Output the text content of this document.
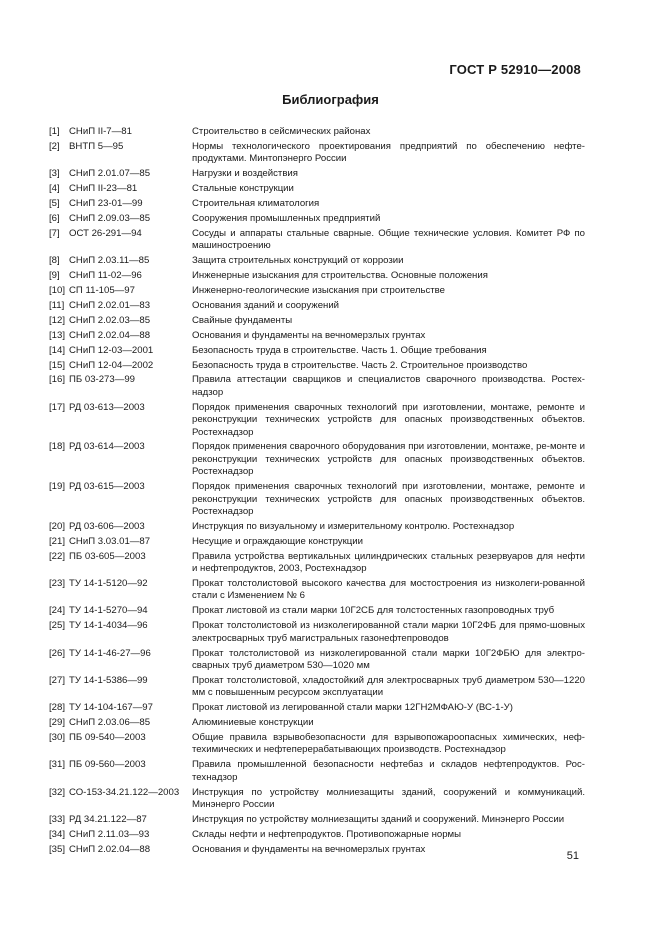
ГОСТ Р 52910—2008
Библиография
[1] СНиП II-7—81	Строительство в сейсмических районах
[2] ВНТП 5—95	Нормы технологического проектирования предприятий по обеспечению нефте-продуктами. Минтопэнерго России
[3] СНиП 2.01.07—85	Нагрузки и воздействия
[4] СНиП II-23—81	Стальные конструкции
[5] СНиП 23-01—99	Строительная климатология
[6] СНиП 2.09.03—85	Сооружения промышленных предприятий
[7] ОСТ 26-291—94	Сосуды и аппараты стальные сварные. Общие технические условия. Комитет РФ по машиностроению
[8] СНиП 2.03.11—85	Защита строительных конструкций от коррозии
[9] СНиП 11-02—96	Инженерные изыскания для строительства. Основные положения
[10] СП 11-105—97	Инженерно-геологические изыскания при строительстве
[11] СНиП 2.02.01—83	Основания зданий и сооружений
[12] СНиП 2.02.03—85	Свайные фундаменты
[13] СНиП 2.02.04—88	Основания и фундаменты на вечномерзлых грунтах
[14] СНиП 12-03—2001	Безопасность труда в строительстве. Часть 1. Общие требования
[15] СНиП 12-04—2002	Безопасность труда в строительстве. Часть 2. Строительное производство
[16] ПБ 03-273—99	Правила аттестации сварщиков и специалистов сварочного производства. Ростех-надзор
[17] РД 03-613—2003	Порядок применения сварочных технологий при изготовлении, монтаже, ремонте и реконструкции технических устройств для опасных производственных объектов. Ростехнадзор
[18] РД 03-614—2003	Порядок применения сварочного оборудования при изготовлении, монтаже, ре-монте и реконструкции технических устройств для опасных производственных объектов. Ростехнадзор
[19] РД 03-615—2003	Порядок применения сварочных технологий при изготовлении, монтаже, ремонте и реконструкции технических устройств для опасных производственных объектов. Ростехнадзор
[20] РД 03-606—2003	Инструкция по визуальному и измерительному контролю. Ростехнадзор
[21] СНиП 3.03.01—87	Несущие и ограждающие конструкции
[22] ПБ 03-605—2003	Правила устройства вертикальных цилиндрических стальных резервуаров для нефти и нефтепродуктов, 2003, Ростехнадзор
[23] ТУ 14-1-5120—92	Прокат толстолистовой высокого качества для мостостроения из низколеги-рованной стали с Изменением № 6
[24] ТУ 14-1-5270—94	Прокат листовой из стали марки 10Г2СБ для толстостенных газопроводных труб
[25] ТУ 14-1-4034—96	Прокат толстолистовой из низколегированной стали марки 10Г2ФБ для прямо-шовных электросварных труб магистральных газонефтепроводов
[26] ТУ 14-1-46-27—96	Прокат толстолистовой из низколегированной стали марки 10Г2ФБЮ для электро-сварных труб диаметром 530—1020 мм
[27] ТУ 14-1-5386—99	Прокат толстолистовой, хладостойкий для электросварных труб диаметром 530—1220 мм с повышенным ресурсом эксплуатации
[28] ТУ 14-104-167—97	Прокат листовой из легированной стали марки 12ГН2МФАЮ-У (ВС-1-У)
[29] СНиП 2.03.06—85	Алюминиевые конструкции
[30] ПБ 09-540—2003	Общие правила взрывобезопасности для взрывопожароопасных химических, неф-техимических и нефтеперерабатывающих производств. Ростехнадзор
[31] ПБ 09-560—2003	Правила промышленной безопасности нефтебаз и складов нефтепродуктов. Рос-технадзор
[32] СО-153-34.21.122—2003	Инструкция по устройству молниезащиты зданий, сооружений и коммуникаций. Минэнерго России
[33] РД 34.21.122—87	Инструкция по устройству молниезащиты зданий и сооружений. Минэнерго России
[34] СНиП 2.11.03—93	Склады нефти и нефтепродуктов. Противопожарные нормы
[35] СНиП 2.02.04—88	Основания и фундаменты на вечномерзлых грунтах
51
